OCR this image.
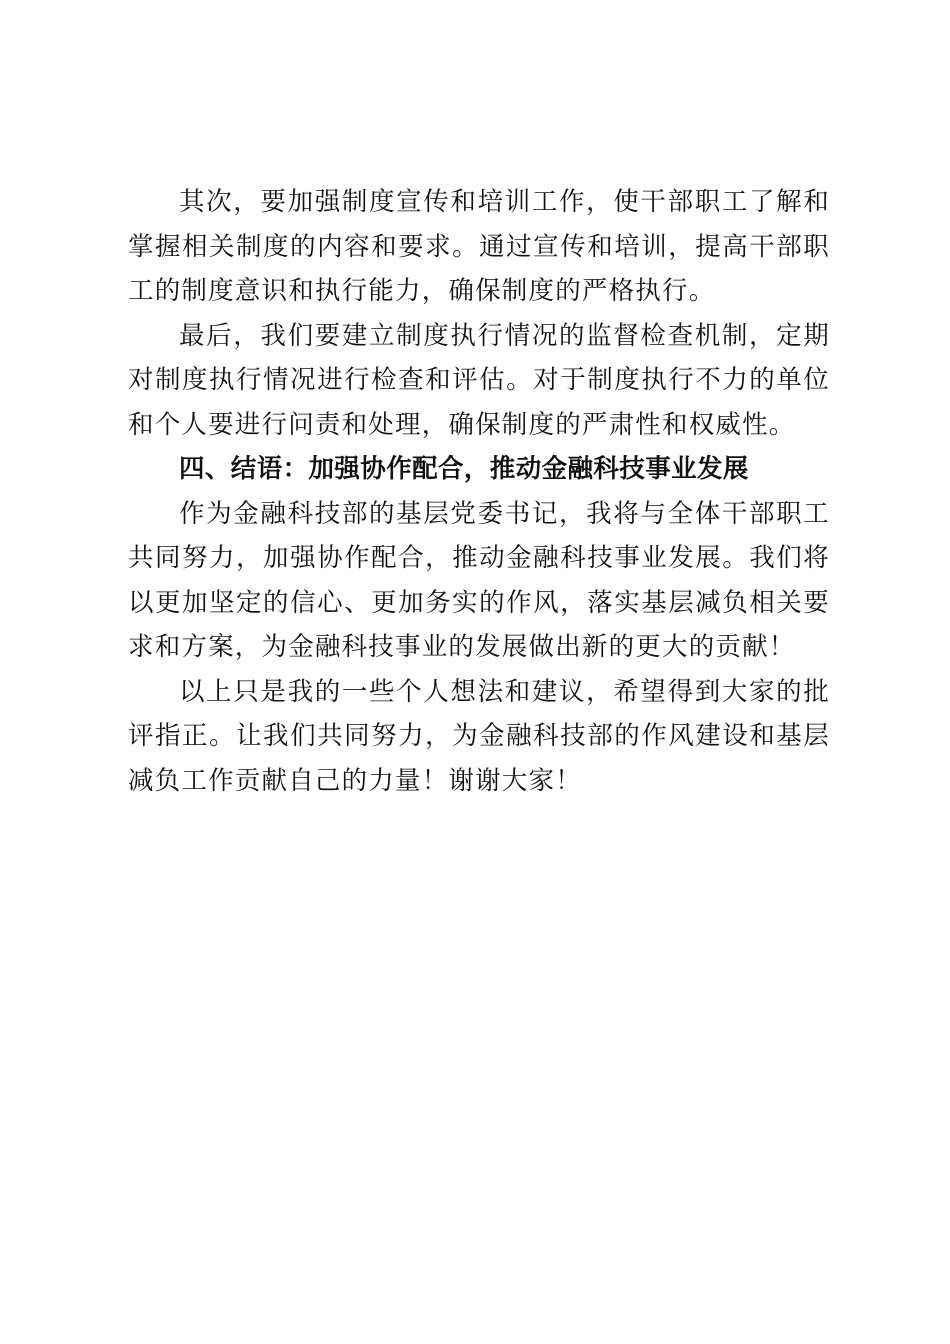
其次，要加强制度宣传和培训工作，使干部职工了解和掌握相关制度的内容和要求。通过宣传和培训，提高干部职工的制度意识和执行能力，确保制度的严格执行。

最后，我们要建立制度执行情况的监督检查机制，定期对制度执行情况进行检查和评估。对于制度执行不力的单位和个人要进行问责和处理，确保制度的严肃性和权威性。

四、结语：加强协作配合，推动金融科技事业发展

作为金融科技部的基层党委书记，我将与全体干部职工共同努力，加强协作配合，推动金融科技事业发展。我们将以更加坚定的信心、更加务实的作风，落实基层减负相关要求和方案，为金融科技事业的发展做出新的更大的贡献！

以上只是我的一些个人想法和建议，希望得到大家的批评指正。让我们共同努力，为金融科技部的作风建设和基层减负工作贡献自己的力量！谢谢大家！
